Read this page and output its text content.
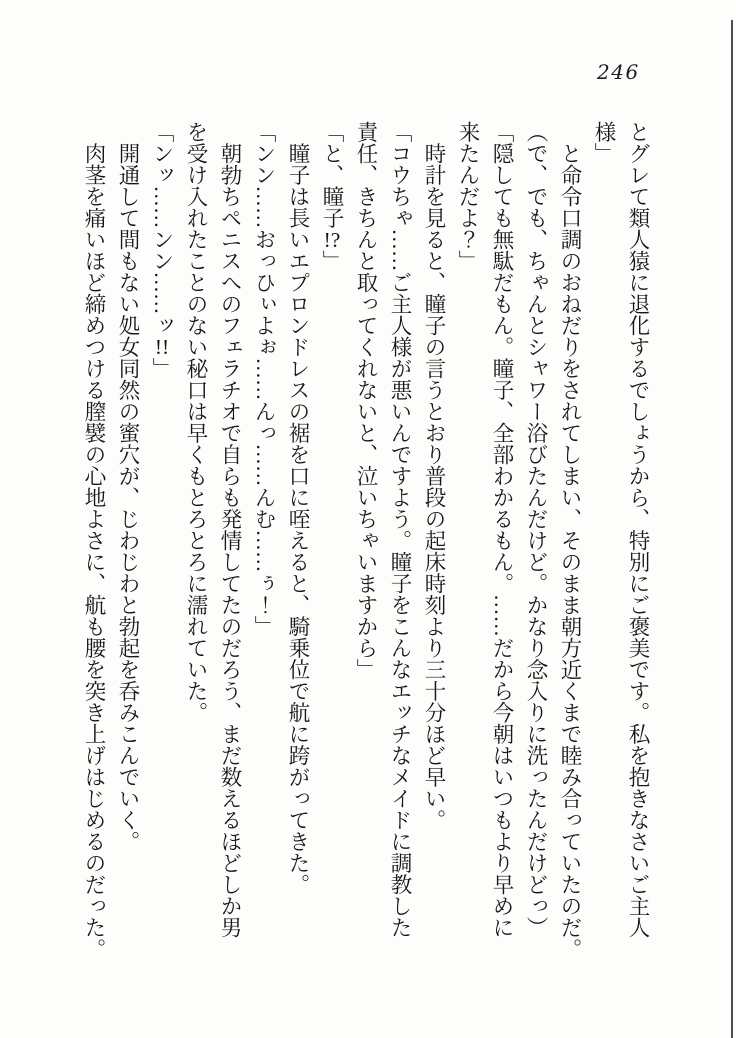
246

とグレて類人猿に退化するでしょうから、特別にご褒美です。私を抱きなさいご主人

様」

　と命令口調のおねだりをされてしまい、そのまま朝方近くまで睦み合っていたのだ。

（で、でも、ちゃんとシャワー浴びたんだけど。かなり念入りに洗ったんだけどっ）

「隠しても無駄だもん。瞳子、全部わかるもん。……だから今朝はいつもより早めに

来たんだよ？」

　時計を見ると、瞳子の言うとおり普段の起床時刻より三十分ほど早い。

「コウちゃ……ご主人様が悪いんですよう。瞳子をこんなエッチなメイドに調教した

責任、きちんと取ってくれないと、泣いちゃいますから」

「と、瞳子!?」

　瞳子は長いエプロンドレスの裾を口に咥えると、騎乗位で航に跨がってきた。

「ンン……おっひぃよぉ……んっ……んむ……ぅ！」

　朝勃ちペニスへのフェラチオで自らも発情してたのだろう、まだ数えるほどしか男

を受け入れたことのない秘口は早くもとろとろに濡れていた。

「ンッ……ンン……ッ!!」

　開通して間もない処女同然の蜜穴が、じわじわと勃起を呑みこんでいく。

　肉茎を痛いほど締めつける膣襞の心地よさに、航も腰を突き上げはじめるのだった。
